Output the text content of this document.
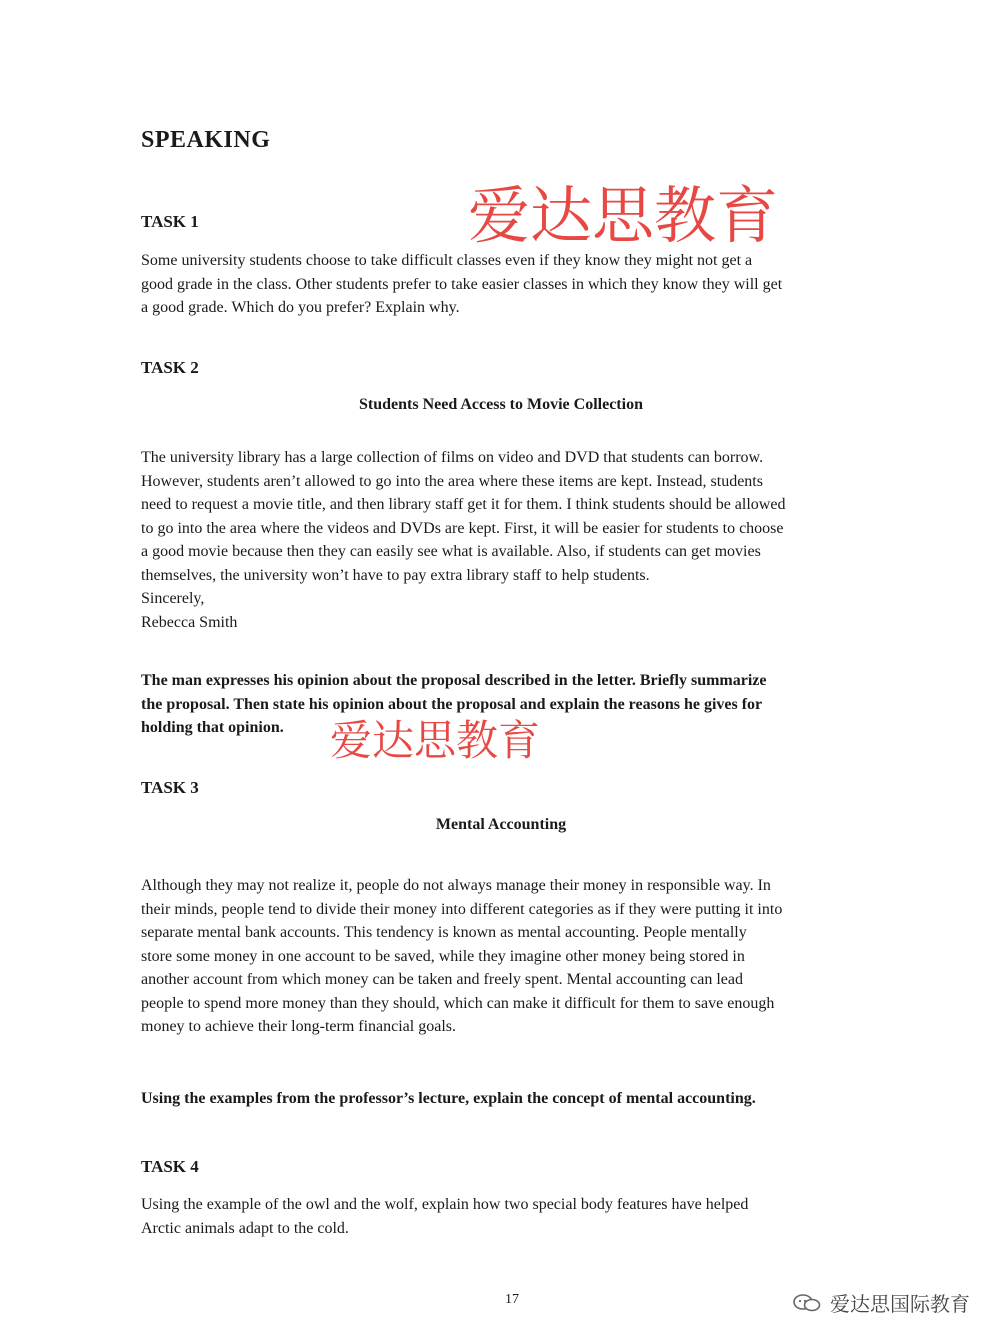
SPEAKING
爱达思教育
TASK 1
Some university students choose to take difficult classes even if they know they might not get a
good grade in the class. Other students prefer to take easier classes in which they know they will get
a good grade. Which do you prefer? Explain why.
TASK 2
Students Need Access to Movie Collection
The university library has a large collection of films on video and DVD that students can borrow.
However, students aren’t allowed to go into the area where these items are kept. Instead, students
need to request a movie title, and then library staff get it for them. I think students should be allowed
to go into the area where the videos and DVDs are kept. First, it will be easier for students to choose
a good movie because then they can easily see what is available. Also, if students can get movies
themselves, the university won’t have to pay extra library staff to help students.
Sincerely,
Rebecca Smith
The man expresses his opinion about the proposal described in the letter. Briefly summarize
the proposal. Then state his opinion about the proposal and explain the reasons he gives for
holding that opinion.	爱达思教育
TASK 3
Mental Accounting
Although they may not realize it, people do not always manage their money in responsible way. In
their minds, people tend to divide their money into different categories as if they were putting it into
separate mental bank accounts. This tendency is known as mental accounting. People mentally
store some money in one account to be saved, while they imagine other money being stored in
another account from which money can be taken and freely spent. Mental accounting can lead
people to spend more money than they should, which can make it difficult for them to save enough
money to achieve their long-term financial goals.
Using the examples from the professor’s lecture, explain the concept of mental accounting.
TASK 4
Using the example of the owl and the wolf, explain how two special body features have helped
Arctic animals adapt to the cold.
17	爱达思国际教育
